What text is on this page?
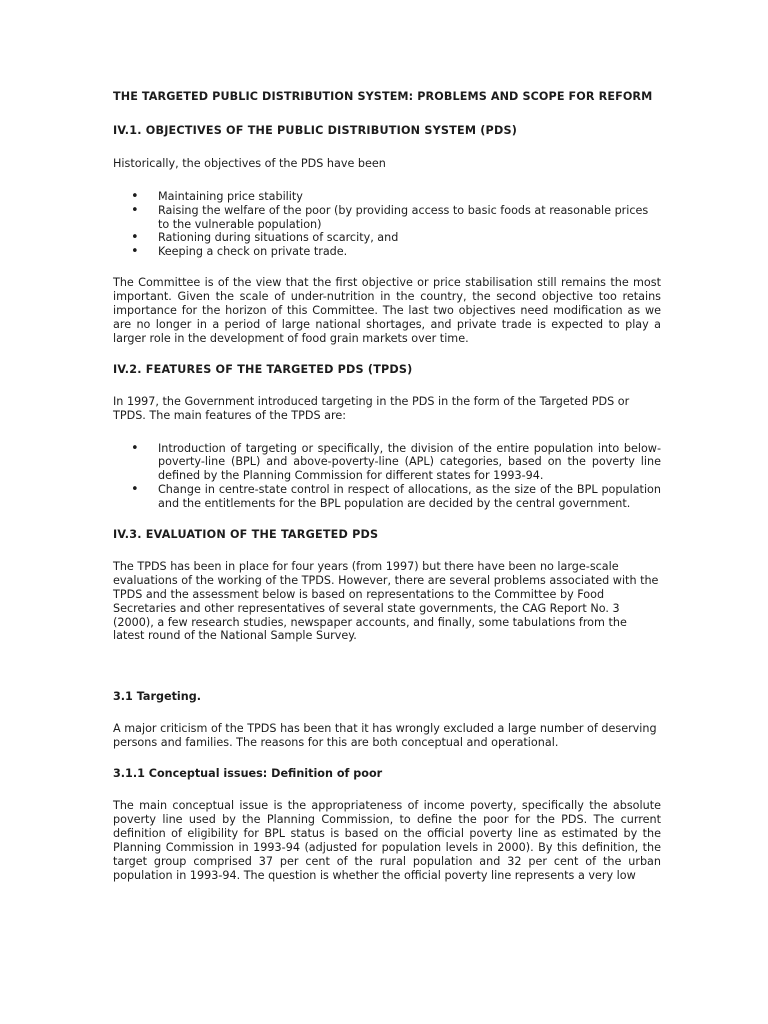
THE TARGETED PUBLIC DISTRIBUTION SYSTEM: PROBLEMS AND SCOPE FOR REFORM

IV.1. OBJECTIVES OF THE PUBLIC DISTRIBUTION SYSTEM (PDS)

Historically, the objectives of the PDS have been

• Maintaining price stability
• Raising the welfare of the poor (by providing access to basic foods at reasonable prices to the vulnerable population)
• Rationing during situations of scarcity, and
• Keeping a check on private trade.

The Committee is of the view that the first objective or price stabilisation still remains the most important. Given the scale of under-nutrition in the country, the second objective too retains importance for the horizon of this Committee. The last two objectives need modification as we are no longer in a period of large national shortages, and private trade is expected to play a larger role in the development of food grain markets over time.

IV.2. FEATURES OF THE TARGETED PDS (TPDS)

In 1997, the Government introduced targeting in the PDS in the form of the Targeted PDS or TPDS. The main features of the TPDS are:

• Introduction of targeting or specifically, the division of the entire population into below-poverty-line (BPL) and above-poverty-line (APL) categories, based on the poverty line defined by the Planning Commission for different states for 1993-94.
• Change in centre-state control in respect of allocations, as the size of the BPL population and the entitlements for the BPL population are decided by the central government.

IV.3. EVALUATION OF THE TARGETED PDS

The TPDS has been in place for four years (from 1997) but there have been no large-scale evaluations of the working of the TPDS. However, there are several problems associated with the TPDS and the assessment below is based on representations to the Committee by Food Secretaries and other representatives of several state governments, the CAG Report No. 3 (2000), a few research studies, newspaper accounts, and finally, some tabulations from the latest round of the National Sample Survey.

3.1 Targeting.

A major criticism of the TPDS has been that it has wrongly excluded a large number of deserving persons and families. The reasons for this are both conceptual and operational.

3.1.1 Conceptual issues: Definition of poor

The main conceptual issue is the appropriateness of income poverty, specifically the absolute poverty line used by the Planning Commission, to define the poor for the PDS. The current definition of eligibility for BPL status is based on the official poverty line as estimated by the Planning Commission in 1993-94 (adjusted for population levels in 2000). By this definition, the target group comprised 37 per cent of the rural population and 32 per cent of the urban population in 1993-94. The question is whether the official poverty line represents a very low
